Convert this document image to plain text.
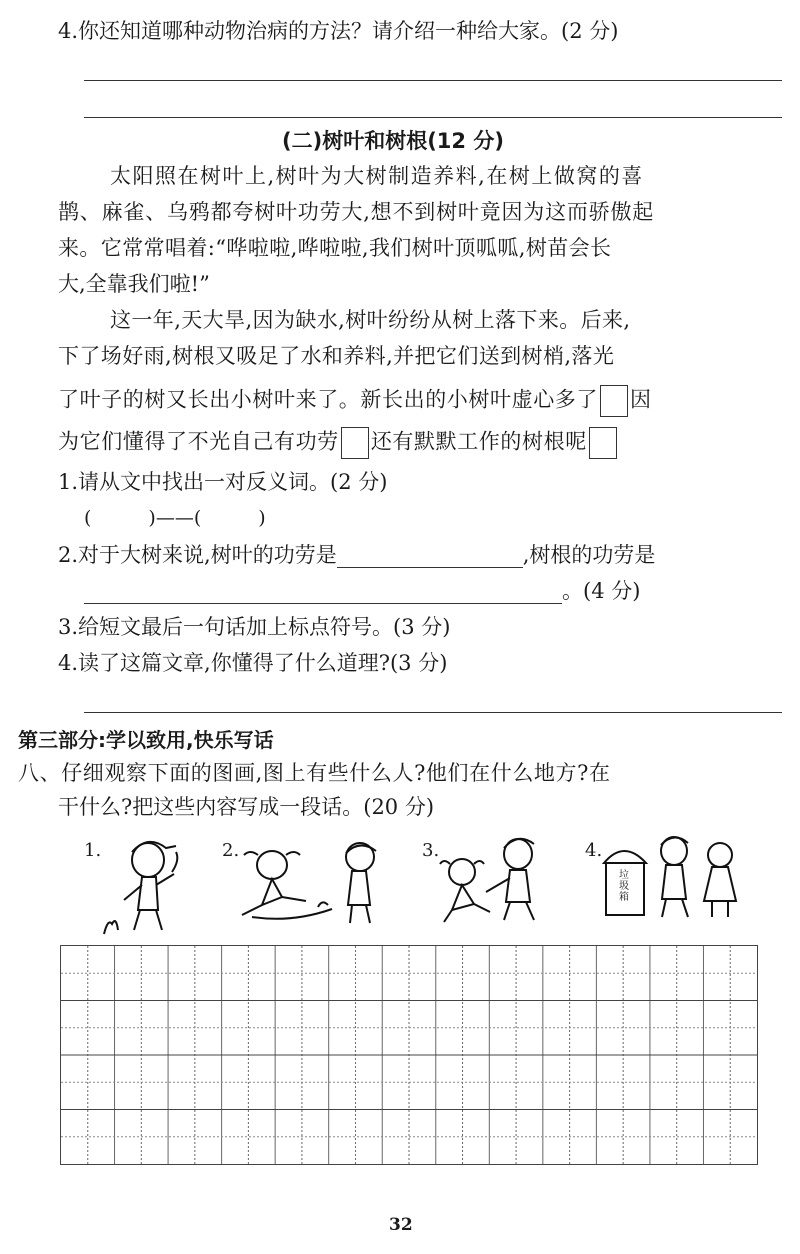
4.你还知道哪种动物治病的方法？请介绍一种给大家。(2 分)
(二)树叶和树根(12 分)
太阳照在树叶上,树叶为大树制造养料,在树上做窝的喜
鹊、麻雀、乌鸦都夸树叶功劳大,想不到树叶竟因为这而骄傲起
来。它常常唱着:“哗啦啦,哗啦啦,我们树叶顶呱呱,树苗会长
大,全靠我们啦!”
这一年,天大旱,因为缺水,树叶纷纷从树上落下来。后来,
下了场好雨,树根又吸足了水和养料,并把它们送到树梢,落光
了叶子的树又长出小树叶来了。新长出的小树叶虚心多了 因
为它们懂得了不光自己有功劳 还有默默工作的树根呢
1.请从文中找出一对反义词。(2 分)
(　　　)——(　　　)
2.对于大树来说,树叶的功劳是	,树根的功劳是
。(4 分)
3.给短文最后一句话加上标点符号。(3 分)
4.读了这篇文章,你懂得了什么道理?(3 分)
第三部分:学以致用,快乐写话
八、仔细观察下面的图画,图上有些什么人?他们在什么地方?在
干什么?把这些内容写成一段话。(20 分)
1.	2.	3.	4.
垃
圾
箱
32
